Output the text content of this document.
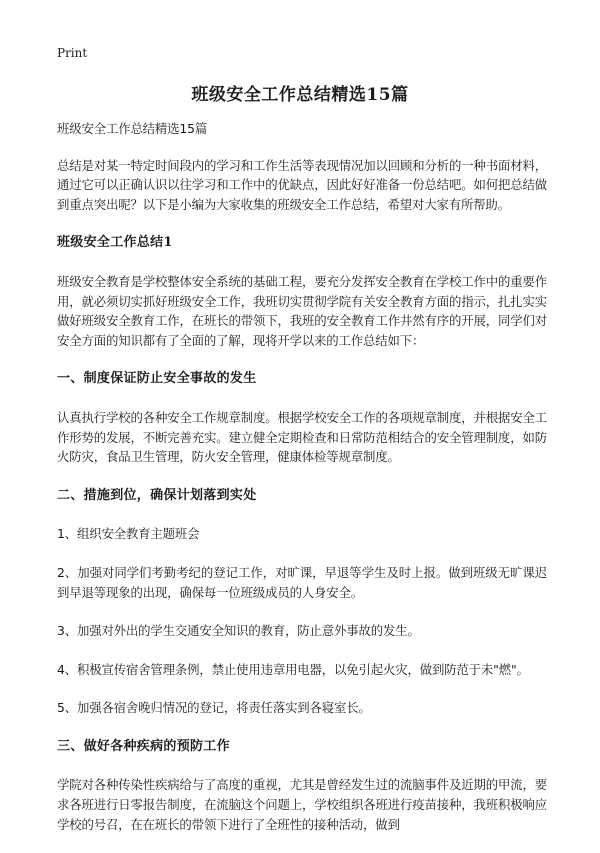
Print
班级安全工作总结精选15篇

班级安全工作总结精选15篇

总结是对某一特定时间段内的学习和工作生活等表现情况加以回顾和分析的一种书面材料，通过它可以正确认识以往学习和工作中的优缺点，因此好好准备一份总结吧。如何把总结做到重点突出呢？以下是小编为大家收集的班级安全工作总结，希望对大家有所帮助。

班级安全工作总结1

班级安全教育是学校整体安全系统的基础工程，要充分发挥安全教育在学校工作中的重要作用，就必须切实抓好班级安全工作，我班切实贯彻学院有关安全教育方面的指示，扎扎实实做好班级安全教育工作，在班长的带领下，我班的安全教育工作井然有序的开展，同学们对安全方面的知识都有了全面的了解，现将开学以来的工作总结如下：

一、制度保证防止安全事故的发生

认真执行学校的各种安全工作规章制度。根据学校安全工作的各项规章制度，并根据安全工作形势的发展，不断完善充实。建立健全定期检查和日常防范相结合的安全管理制度，如防火防灾，食品卫生管理，防火安全管理，健康体检等规章制度。

二、措施到位，确保计划落到实处

1、组织安全教育主题班会

2、加强对同学们考勤考纪的登记工作，对旷课，早退等学生及时上报。做到班级无旷课迟到早退等现象的出现，确保每一位班级成员的人身安全。

3、加强对外出的学生交通安全知识的教育，防止意外事故的发生。

4、积极宣传宿舍管理条例，禁止使用违章用电器，以免引起火灾，做到防范于未"燃"。

5、加强各宿舍晚归情况的登记，将责任落实到各寝室长。

三、做好各种疾病的预防工作

学院对各种传染性疾病给与了高度的重视，尤其是曾经发生过的流脑事件及近期的甲流，要求各班进行日零报告制度，在流脑这个问题上，学校组织各班进行疫苗接种，我班积极响应学校的号召，在在班长的带领下进行了全班性的接种活动，做到
